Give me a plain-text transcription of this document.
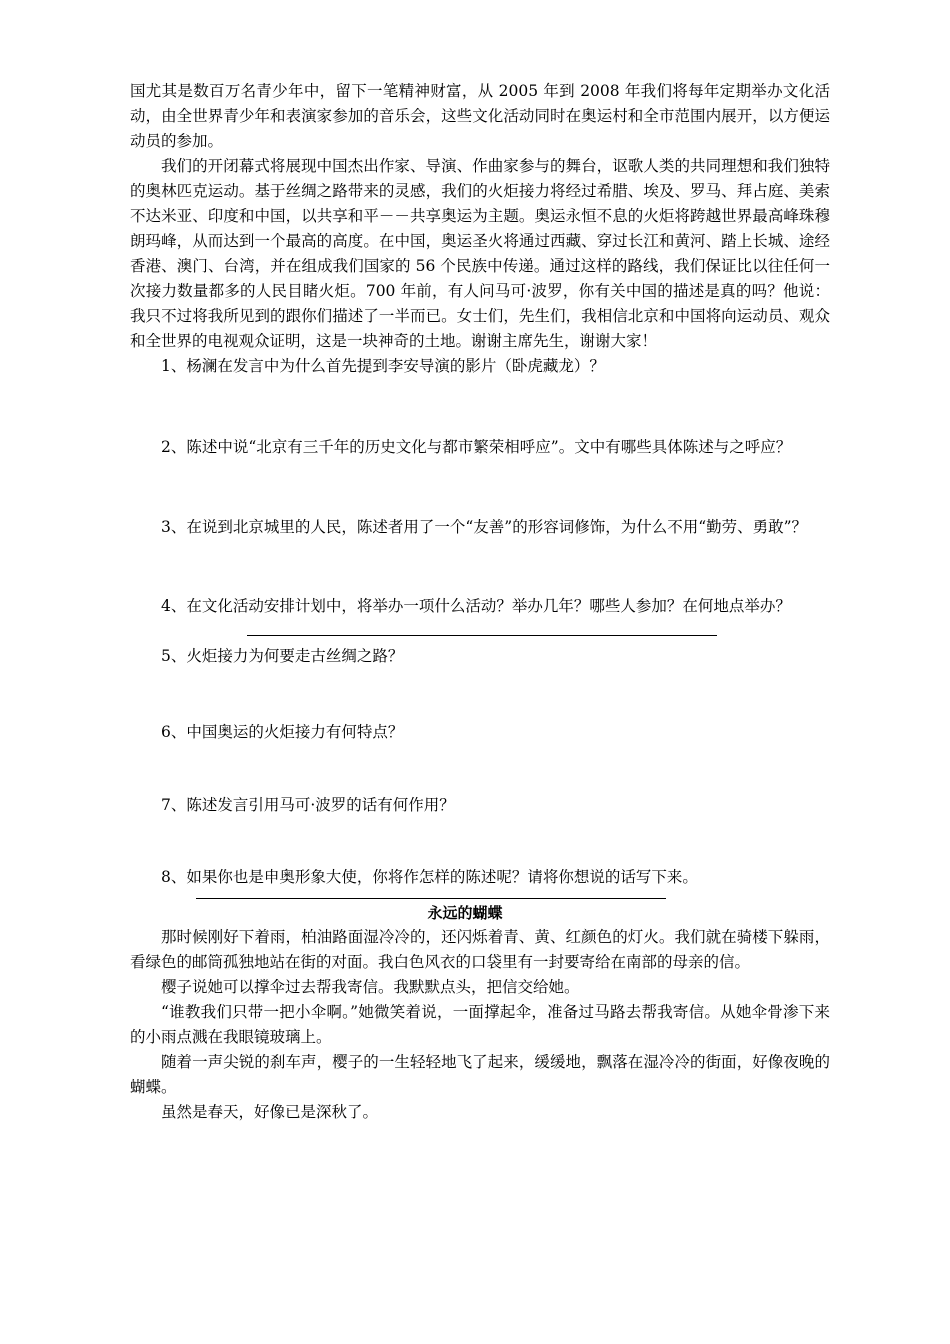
国尤其是数百万名青少年中，留下一笔精神财富，从 2005 年到 2008 年我们将每年定期举办文化活动，由全世界青少年和表演家参加的音乐会，这些文化活动同时在奥运村和全市范围内展开，以方便运动员的参加。

我们的开闭幕式将展现中国杰出作家、导演、作曲家参与的舞台，讴歌人类的共同理想和我们独特的奥林匹克运动。基于丝绸之路带来的灵感，我们的火炬接力将经过希腊、埃及、罗马、拜占庭、美索不达米亚、印度和中国，以共享和平－－共享奥运为主题。奥运永恒不息的火炬将跨越世界最高峰珠穆朗玛峰，从而达到一个最高的高度。在中国，奥运圣火将通过西藏、穿过长江和黄河、踏上长城、途经香港、澳门、台湾，并在组成我们国家的 56 个民族中传递。通过这样的路线，我们保证比以往任何一次接力数量都多的人民目睹火炬。700 年前，有人问马可·波罗，你有关中国的描述是真的吗？他说：我只不过将我所见到的跟你们描述了一半而已。女士们，先生们，我相信北京和中国将向运动员、观众和全世界的电视观众证明，这是一块神奇的土地。谢谢主席先生，谢谢大家！

1、杨澜在发言中为什么首先提到李安导演的影片（卧虎藏龙）？

2、陈述中说“北京有三千年的历史文化与都市繁荣相呼应”。文中有哪些具体陈述与之呼应？

3、在说到北京城里的人民，陈述者用了一个“友善”的形容词修饰，为什么不用“勤劳、勇敢”？

4、在文化活动安排计划中，将举办一项什么活动？举办几年？哪些人参加？在何地点举办？

5、火炬接力为何要走古丝绸之路？

6、中国奥运的火炬接力有何特点？

7、陈述发言引用马可·波罗的话有何作用？

8、如果你也是申奥形象大使，你将作怎样的陈述呢？请将你想说的话写下来。

永远的蝴蝶

那时候刚好下着雨，柏油路面湿冷冷的，还闪烁着青、黄、红颜色的灯火。我们就在骑楼下躲雨，看绿色的邮筒孤独地站在街的对面。我白色风衣的口袋里有一封要寄给在南部的母亲的信。

樱子说她可以撑伞过去帮我寄信。我默默点头，把信交给她。

“谁教我们只带一把小伞啊。”她微笑着说，一面撑起伞，准备过马路去帮我寄信。从她伞骨渗下来的小雨点溅在我眼镜玻璃上。

随着一声尖锐的刹车声，樱子的一生轻轻地飞了起来，缓缓地，飘落在湿冷冷的街面，好像夜晚的蝴蝶。

虽然是春天，好像已是深秋了。
